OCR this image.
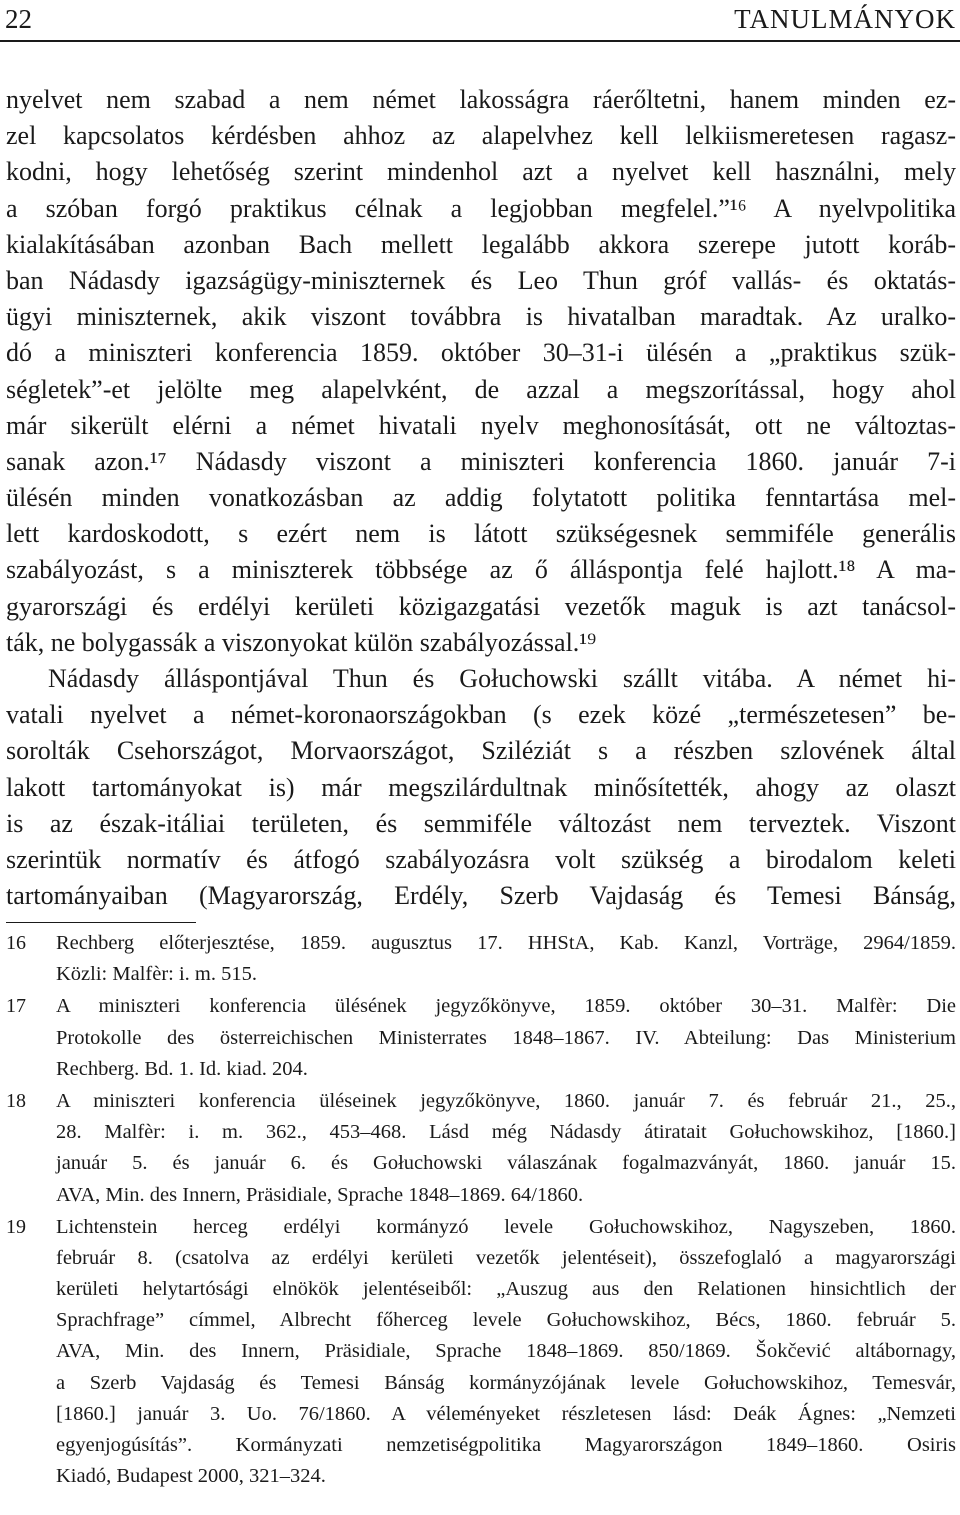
22	TANULMÁNYOK
nyelvet nem szabad a nem német lakosságra ráerőltetni, hanem minden ez-
zel kapcsolatos kérdésben ahhoz az alapelvhez kell lelkiismeretesen ragasz-
kodni, hogy lehetőség szerint mindenhol azt a nyelvet kell használni, mely
a szóban forgó praktikus célnak a legjobban megfelel.”¹⁶ A nyelvpolitika
kialakításában azonban Bach mellett legalább akkora szerepe jutott koráb-
ban Nádasdy igazságügy-miniszternek és Leo Thun gróf vallás- és oktatás-
ügyi miniszternek, akik viszont továbbra is hivatalban maradtak. Az uralko-
dó a miniszteri konferencia 1859. október 30–31-i ülésén a „praktikus szük-
ségletek”-et jelölte meg alapelvként, de azzal a megszorítással, hogy ahol
már sikerült elérni a német hivatali nyelv meghonosítását, ott ne változtas-
sanak azon.¹⁷ Nádasdy viszont a miniszteri konferencia 1860. január 7-i
ülésén minden vonatkozásban az addig folytatott politika fenntartása mel-
lett kardoskodott, s ezért nem is látott szükségesnek semmiféle generális
szabályozást, s a miniszterek többsége az ő álláspontja felé hajlott.¹⁸ A ma-
gyarországi és erdélyi kerületi közigazgatási vezetők maguk is azt tanácsol-
ták, ne bolygassák a viszonyokat külön szabályozással.¹⁹
Nádasdy álláspontjával Thun és Gołuchowski szállt vitába. A német hi-
vatali nyelvet a német-koronaországokban (s ezek közé „természetesen” be-
sorolták Csehországot, Morvaországot, Sziléziát s a részben szlovének által
lakott tartományokat is) már megszilárdultnak minősítették, ahogy az olaszt
is az észak-itáliai területen, és semmiféle változást nem terveztek. Viszont
szerintük normatív és átfogó szabályozásra volt szükség a birodalom keleti
tartományaiban (Magyarország, Erdély, Szerb Vajdaság és Temesi Bánság,
16	Rechberg előterjesztése, 1859. augusztus 17. HHStA, Kab. Kanzl, Vorträge, 2964/1859.
Közli: Malfèr: i. m. 515.
17	A miniszteri konferencia ülésének jegyzőkönyve, 1859. október 30–31. Malfèr: Die
Protokolle des österreichischen Ministerrates 1848–1867. IV. Abteilung: Das Ministerium
Rechberg. Bd. 1. Id. kiad. 204.
18	A miniszteri konferencia üléseinek jegyzőkönyve, 1860. január 7. és február 21., 25.,
28. Malfèr: i. m. 362., 453–468. Lásd még Nádasdy átiratait Gołuchowskihoz, [1860.]
január 5. és január 6. és Gołuchowski válaszának fogalmazványát, 1860. január 15.
AVA, Min. des Innern, Präsidiale, Sprache 1848–1869. 64/1860.
19	Lichtenstein herceg erdélyi kormányzó levele Gołuchowskihoz, Nagyszeben, 1860.
február 8. (csatolva az erdélyi kerületi vezetők jelentéseit), összefoglaló a magyarországi
kerületi helytartósági elnökök jelentéseiből: „Auszug aus den Relationen hinsichtlich der
Sprachfrage” címmel, Albrecht főherceg levele Gołuchowskihoz, Bécs, 1860. február 5.
AVA, Min. des Innern, Präsidiale, Sprache 1848–1869. 850/1869. Šokčević altábornagy,
a Szerb Vajdaság és Temesi Bánság kormányzójának levele Gołuchowskihoz, Temesvár,
[1860.] január 3. Uo. 76/1860. A véleményeket részletesen lásd: Deák Ágnes: „Nemzeti
egyenjogúsítás”. Kormányzati nemzetiségpolitika Magyarországon 1849–1860. Osiris
Kiadó, Budapest 2000, 321–324.
